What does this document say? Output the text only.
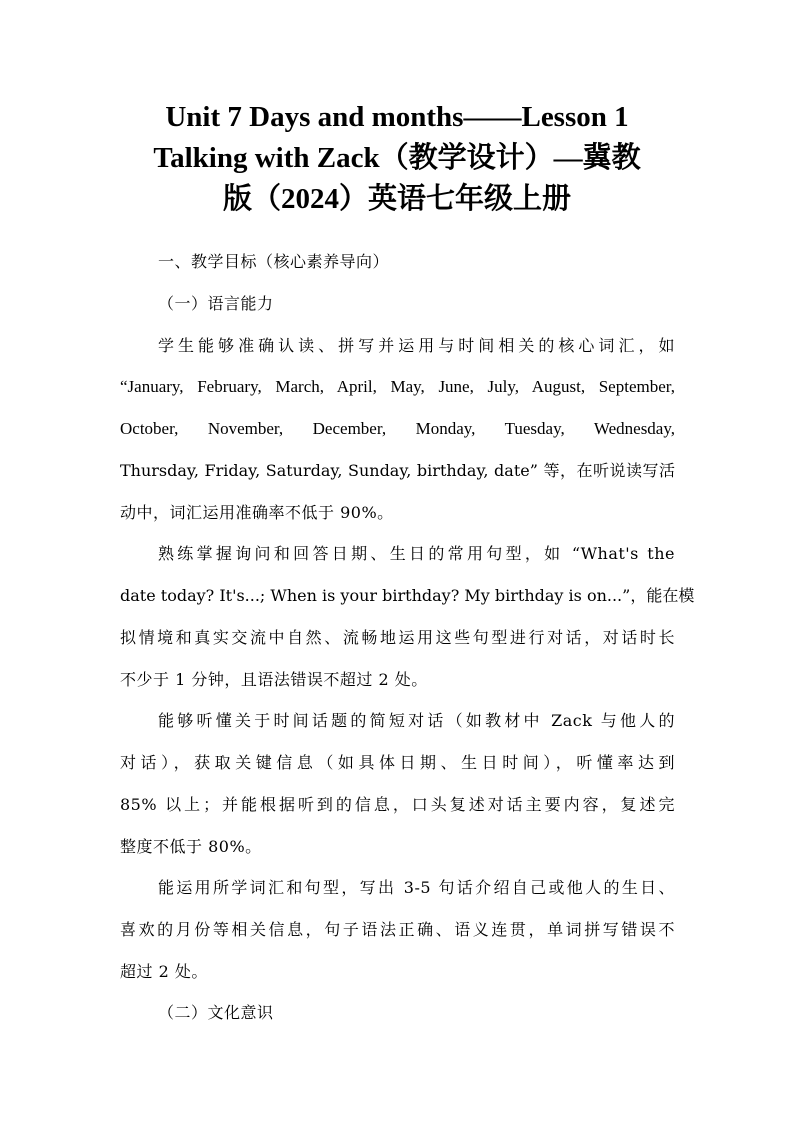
Unit 7 Days and months——Lesson 1
Talking with Zack（教学设计）—冀教
版（2024）英语七年级上册
一、教学目标（核心素养导向）
（一）语言能力
学生能够准确认读、拼写并运用与时间相关的核心词汇，如
“January, February, March, April, May, June, July, August, September,
October, November, December, Monday, Tuesday, Wednesday,
Thursday, Friday, Saturday, Sunday, birthday, date” 等，在听说读写活
动中，词汇运用准确率不低于 90%。
熟练掌握询问和回答日期、生日的常用句型，如 “What's the
date today? It's...; When is your birthday? My birthday is on...”，能在模
拟情境和真实交流中自然、流畅地运用这些句型进行对话，对话时长
不少于 1 分钟，且语法错误不超过 2 处。
能够听懂关于时间话题的简短对话（如教材中 Zack 与他人的
对话），获取关键信息（如具体日期、生日时间），听懂率达到
85% 以上；并能根据听到的信息，口头复述对话主要内容，复述完
整度不低于 80%。
能运用所学词汇和句型，写出 3-5 句话介绍自己或他人的生日、
喜欢的月份等相关信息，句子语法正确、语义连贯，单词拼写错误不
超过 2 处。
（二）文化意识
